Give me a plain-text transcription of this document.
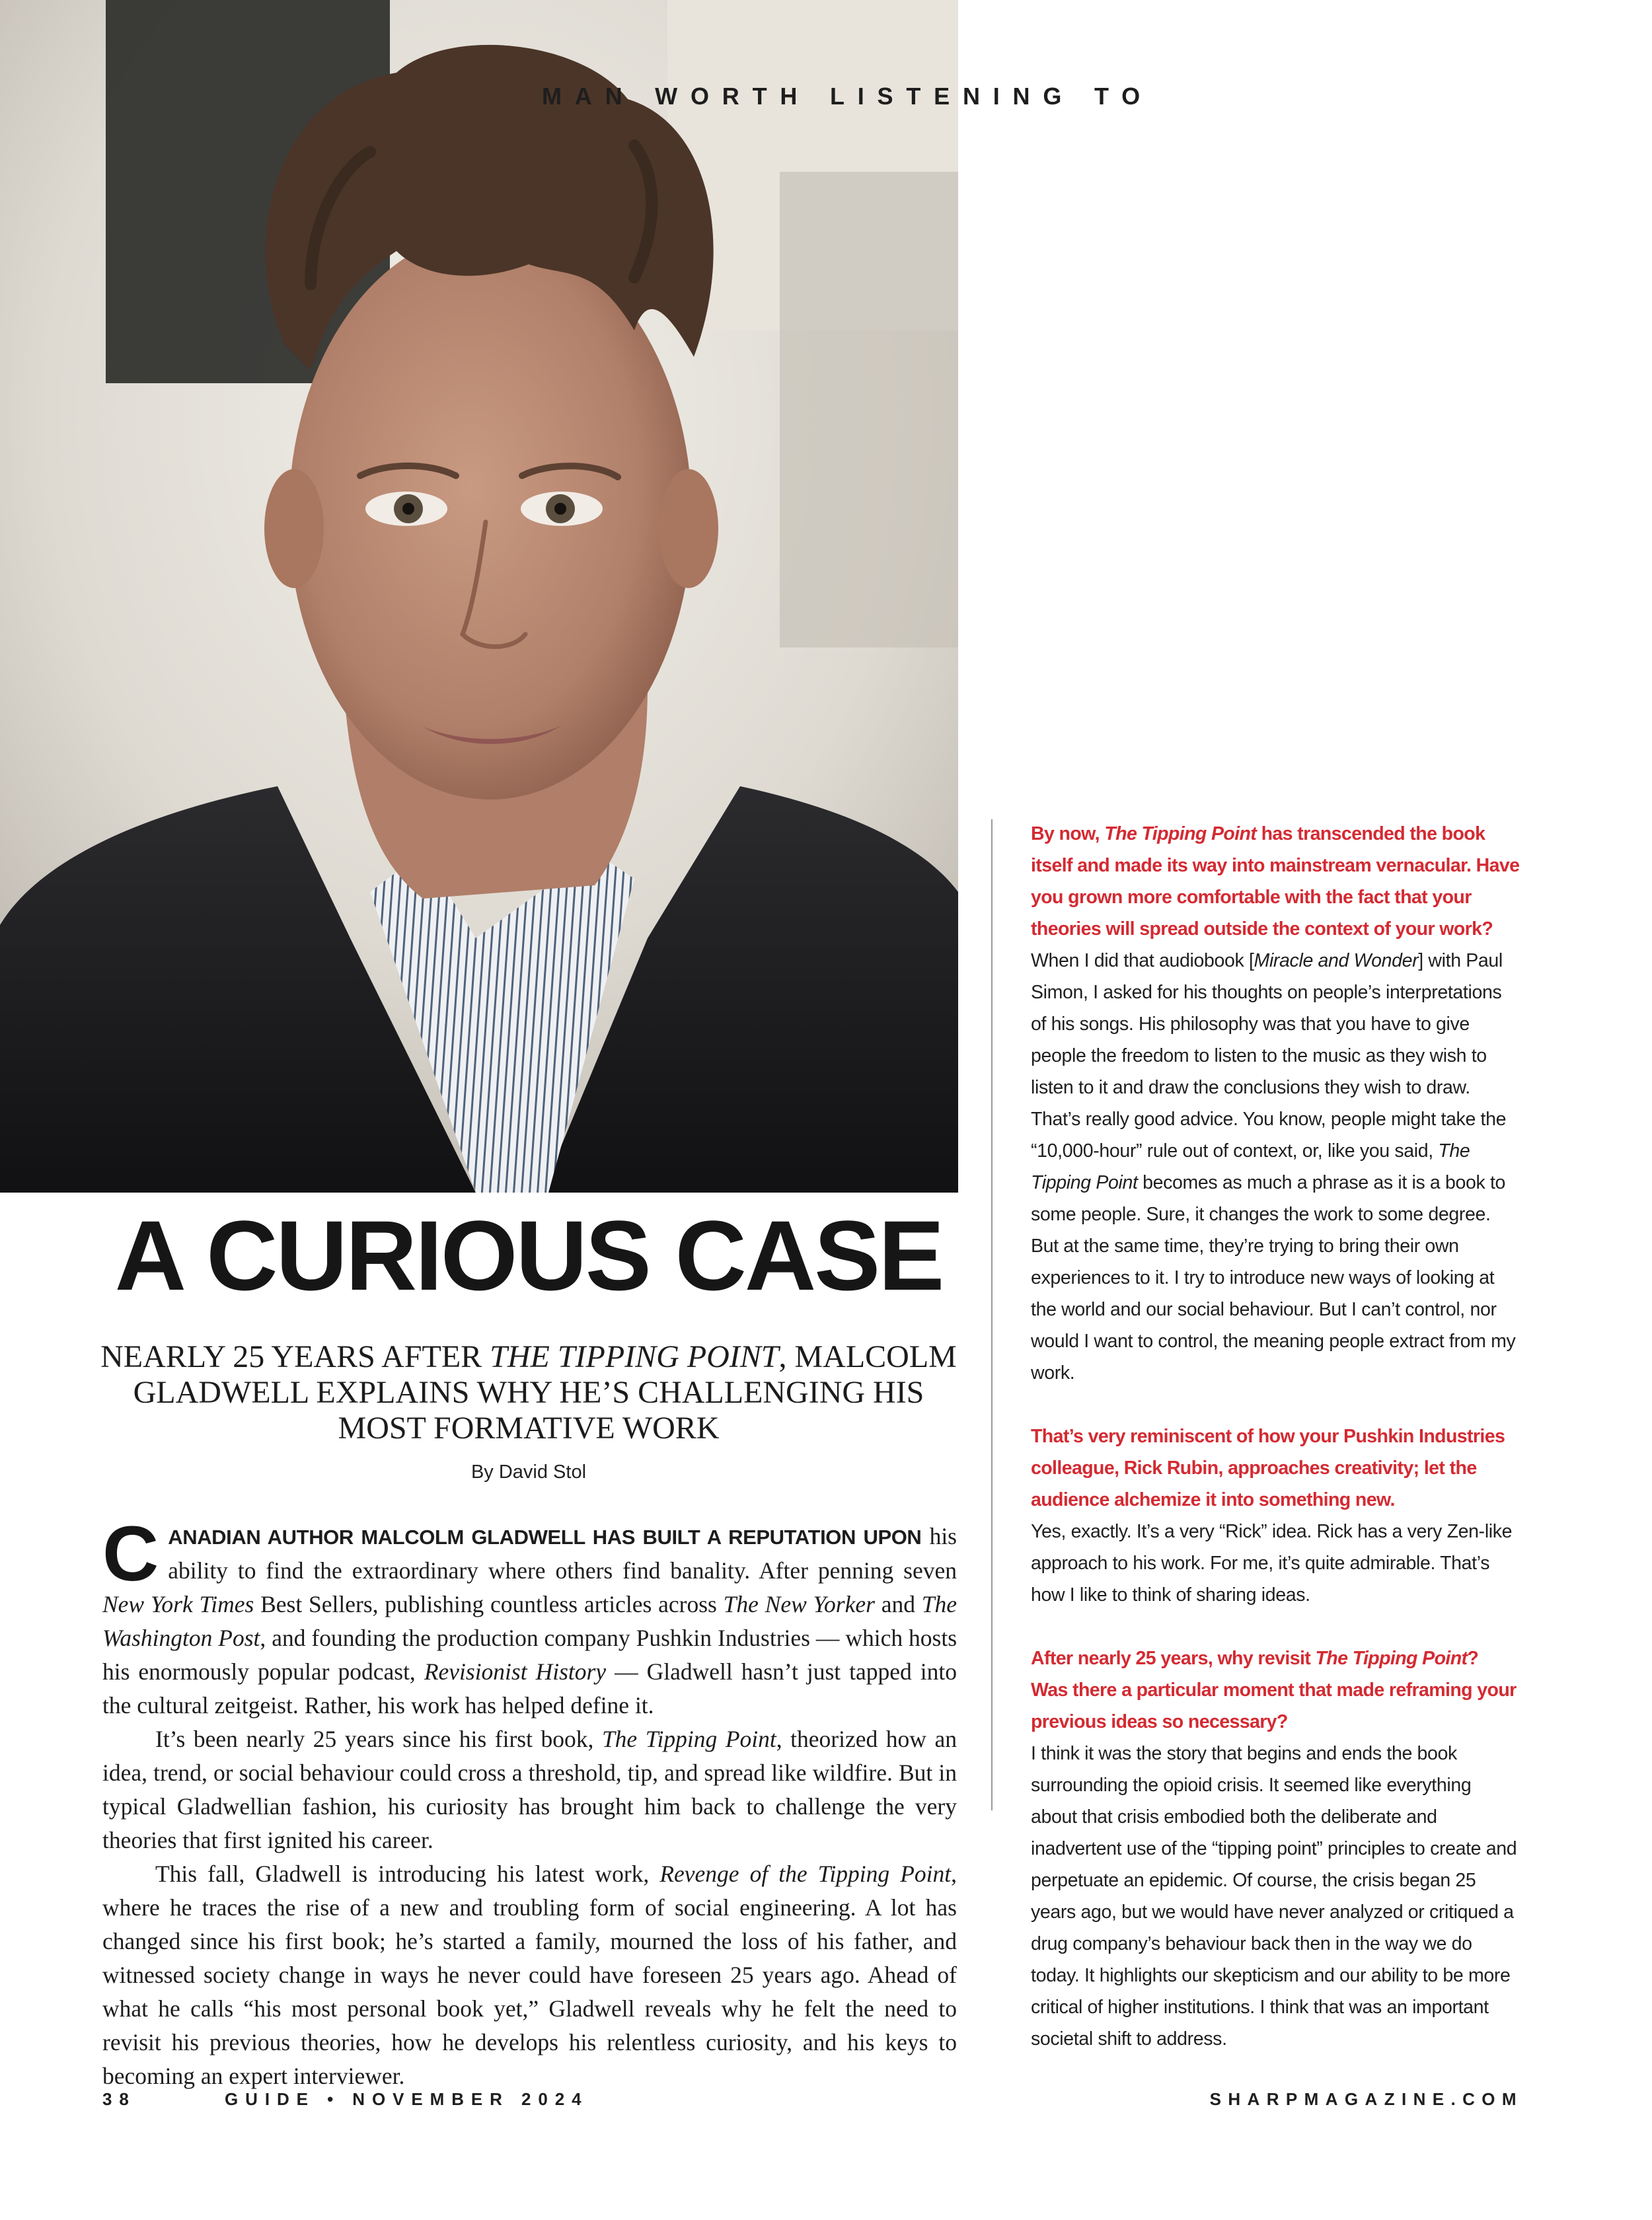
MAN WORTH LISTENING TO
A CURIOUS CASE

NEARLY 25 YEARS AFTER THE TIPPING POINT, MALCOLM GLADWELL EXPLAINS WHY HE’S CHALLENGING HIS MOST FORMATIVE WORK

By David Stol

CANADIAN AUTHOR MALCOLM GLADWELL HAS BUILT A REPUTATION UPON his ability to find the extraordinary where others find banality. After penning seven New York Times Best Sellers, publishing countless articles across The New Yorker and The Washington Post, and founding the production company Pushkin Industries — which hosts his enormously popular podcast, Revisionist History — Gladwell hasn’t just tapped into the cultural zeitgeist. Rather, his work has helped define it.

It’s been nearly 25 years since his first book, The Tipping Point, theorized how an idea, trend, or social behaviour could cross a threshold, tip, and spread like wildfire. But in typical Gladwellian fashion, his curiosity has brought him back to challenge the very theories that first ignited his career.

This fall, Gladwell is introducing his latest work, Revenge of the Tipping Point, where he traces the rise of a new and troubling form of social engineering. A lot has changed since his first book; he’s started a family, mourned the loss of his father, and witnessed society change in ways he never could have foreseen 25 years ago. Ahead of what he calls “his most personal book yet,” Gladwell reveals why he felt the need to revisit his previous theories, how he develops his relentless curiosity, and his keys to becoming an expert interviewer.

By now, The Tipping Point has transcended the book itself and made its way into mainstream vernacular. Have you grown more comfortable with the fact that your theories will spread outside the context of your work?

When I did that audiobook [Miracle and Wonder] with Paul Simon, I asked for his thoughts on people’s interpretations of his songs. His philosophy was that you have to give people the freedom to listen to the music as they wish to listen to it and draw the conclusions they wish to draw. That’s really good advice. You know, people might take the “10,000-hour” rule out of context, or, like you said, The Tipping Point becomes as much a phrase as it is a book to some people. Sure, it changes the work to some degree. But at the same time, they’re trying to bring their own experiences to it. I try to introduce new ways of looking at the world and our social behaviour. But I can’t control, nor would I want to control, the meaning people extract from my work.

That’s very reminiscent of how your Pushkin Industries colleague, Rick Rubin, approaches creativity; let the audience alchemize it into something new.

Yes, exactly. It’s a very “Rick” idea. Rick has a very Zen-like approach to his work. For me, it’s quite admirable. That’s how I like to think of sharing ideas.

After nearly 25 years, why revisit The Tipping Point? Was there a particular moment that made reframing your previous ideas so necessary?

I think it was the story that begins and ends the book surrounding the opioid crisis. It seemed like everything about that crisis embodied both the deliberate and inadvertent use of the “tipping point” principles to create and perpetuate an epidemic. Of course, the crisis began 25 years ago, but we would have never analyzed or critiqued a drug company’s behaviour back then in the way we do today. It highlights our skepticism and our ability to be more critical of higher institutions. I think that was an important societal shift to address.

38	GUIDE • NOVEMBER 2024	SHARPMAGAZINE.COM
